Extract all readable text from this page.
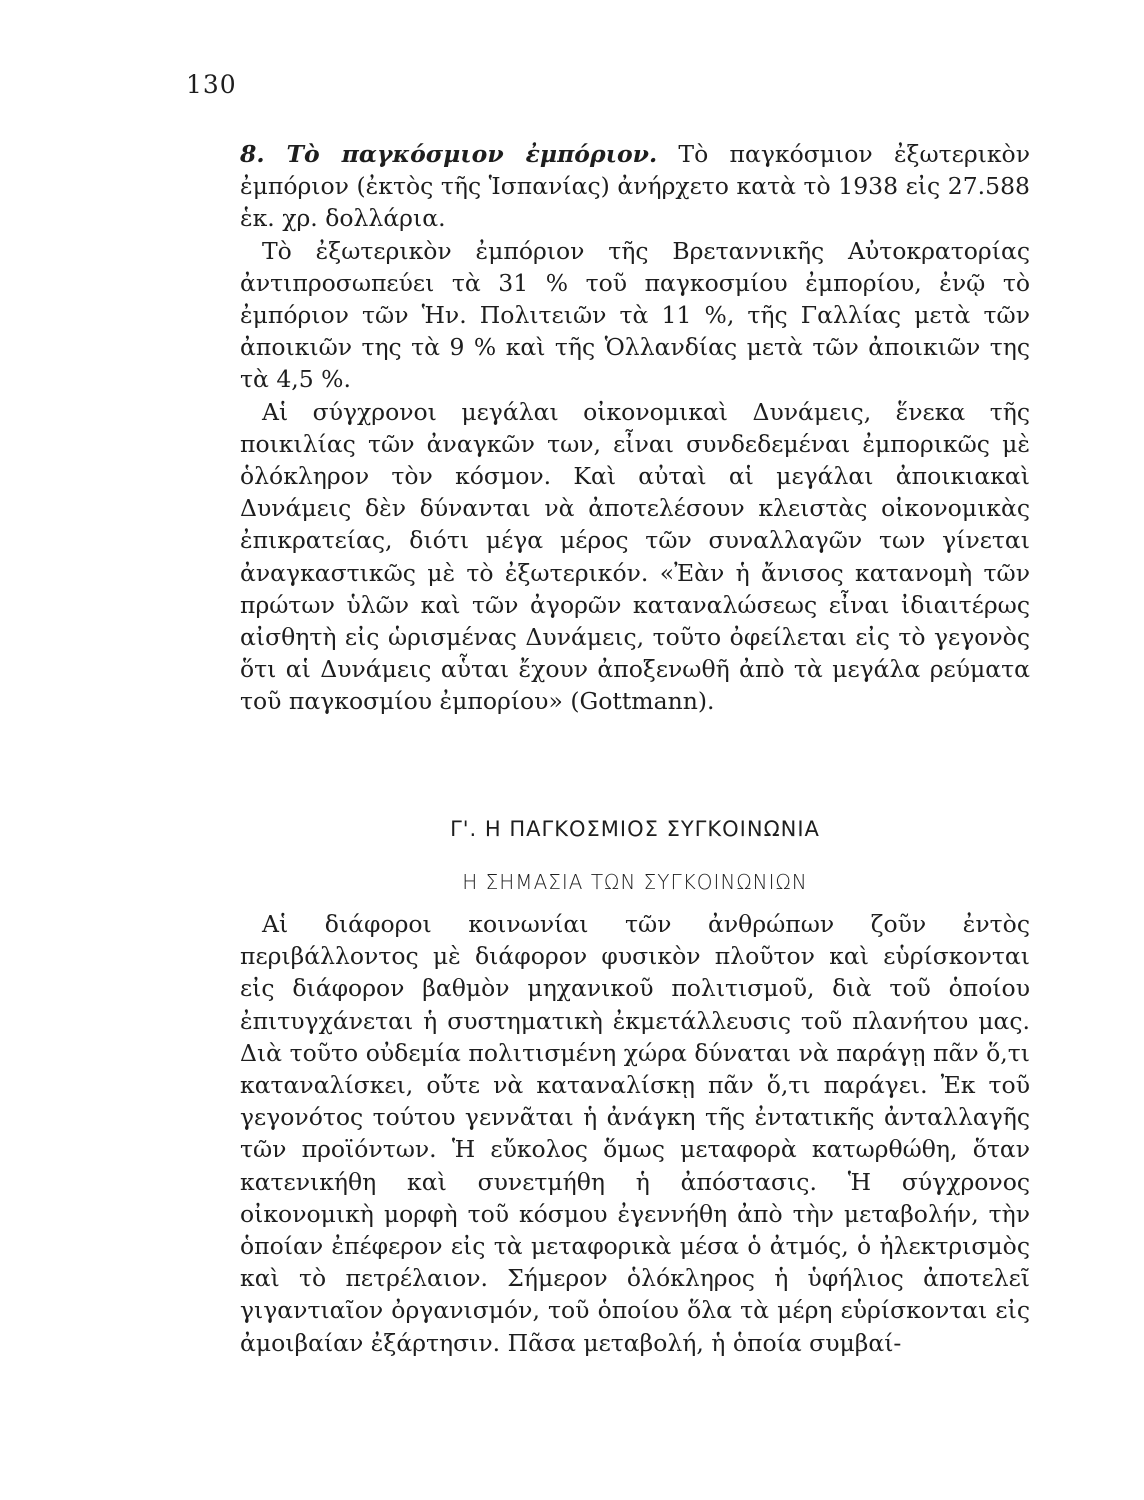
130

8. Τὸ παγκόσμιον ἐμπόριον. Τὸ παγκόσμιον ἐξωτερικὸν ἐμπόριον (ἐκτὸς τῆς Ἱσπανίας) ἀνήρχετο κατὰ τὸ 1938 εἰς 27.588 ἑκ. χρ. δολλάρια.

Τὸ ἐξωτερικὸν ἐμπόριον τῆς Βρεταννικῆς Αὐτοκρατορίας ἀντιπροσωπεύει τὰ 31 % τοῦ παγκοσμίου ἐμπορίου, ἐνῷ τὸ ἐμπόριον τῶν Ἡν. Πολιτειῶν τὰ 11 %, τῆς Γαλλίας μετὰ τῶν ἀποικιῶν της τὰ 9 % καὶ τῆς Ὁλλανδίας μετὰ τῶν ἀποικιῶν της τὰ 4,5 %.

Αἱ σύγχρονοι μεγάλαι οἰκονομικαὶ Δυνάμεις, ἕνεκα τῆς ποικιλίας τῶν ἀναγκῶν των, εἶναι συνδεδεμέναι ἐμπορικῶς μὲ ὁλόκληρον τὸν κόσμον. Καὶ αὐταὶ αἱ μεγάλαι ἀποικιακαὶ Δυνάμεις δὲν δύνανται νὰ ἀποτελέσουν κλειστὰς οἰκονομικὰς ἐπικρατείας, διότι μέγα μέρος τῶν συναλλαγῶν των γίνεται ἀναγκαστικῶς μὲ τὸ ἐξωτερικόν. «Ἐὰν ἡ ἄνισος κατανομὴ τῶν πρώτων ὑλῶν καὶ τῶν ἀγορῶν καταναλώσεως εἶναι ἰδιαιτέρως αἰσθητὴ εἰς ὡρισμένας Δυνάμεις, τοῦτο ὀφείλεται εἰς τὸ γεγονὸς ὅτι αἱ Δυνάμεις αὗται ἔχουν ἀποξενωθῆ ἀπὸ τὰ μεγάλα ρεύματα τοῦ παγκοσμίου ἐμπορίου» (Gottmann).

Γ'. Η ΠΑΓΚΟΣΜΙΟΣ ΣΥΓΚΟΙΝΩΝΙΑ
Η ΣΗΜΑΣΙΑ ΤΩΝ ΣΥΓΚΟΙΝΩΝΙΩΝ

Αἱ διάφοροι κοινωνίαι τῶν ἀνθρώπων ζοῦν ἐντὸς περιβάλλοντος μὲ διάφορον φυσικὸν πλοῦτον καὶ εὑρίσκονται εἰς διάφορον βαθμὸν μηχανικοῦ πολιτισμοῦ, διὰ τοῦ ὁποίου ἐπιτυγχάνεται ἡ συστηματικὴ ἐκμετάλλευσις τοῦ πλανήτου μας. Διὰ τοῦτο οὐδεμία πολιτισμένη χώρα δύναται νὰ παράγῃ πᾶν ὅ,τι καταναλίσκει, οὔτε νὰ καταναλίσκῃ πᾶν ὅ,τι παράγει. Ἐκ τοῦ γεγονότος τούτου γεννᾶται ἡ ἀνάγκη τῆς ἐντατικῆς ἀνταλλαγῆς τῶν προϊόντων. Ἡ εὔκολος ὅμως μεταφορὰ κατωρθώθη, ὅταν κατενικήθη καὶ συνετμήθη ἡ ἀπόστασις. Ἡ σύγχρονος οἰκονομικὴ μορφὴ τοῦ κόσμου ἐγεννήθη ἀπὸ τὴν μεταβολήν, τὴν ὁποίαν ἐπέφερον εἰς τὰ μεταφορικὰ μέσα ὁ ἀτμός, ὁ ἠλεκτρισμὸς καὶ τὸ πετρέλαιον. Σήμερον ὁλόκληρος ἡ ὑφήλιος ἀποτελεῖ γιγαντιαῖον ὀργανισμόν, τοῦ ὁποίου ὅλα τὰ μέρη εὑρίσκονται εἰς ἀμοιβαίαν ἐξάρτησιν. Πᾶσα μεταβολή, ἡ ὁποία συμβαί-
